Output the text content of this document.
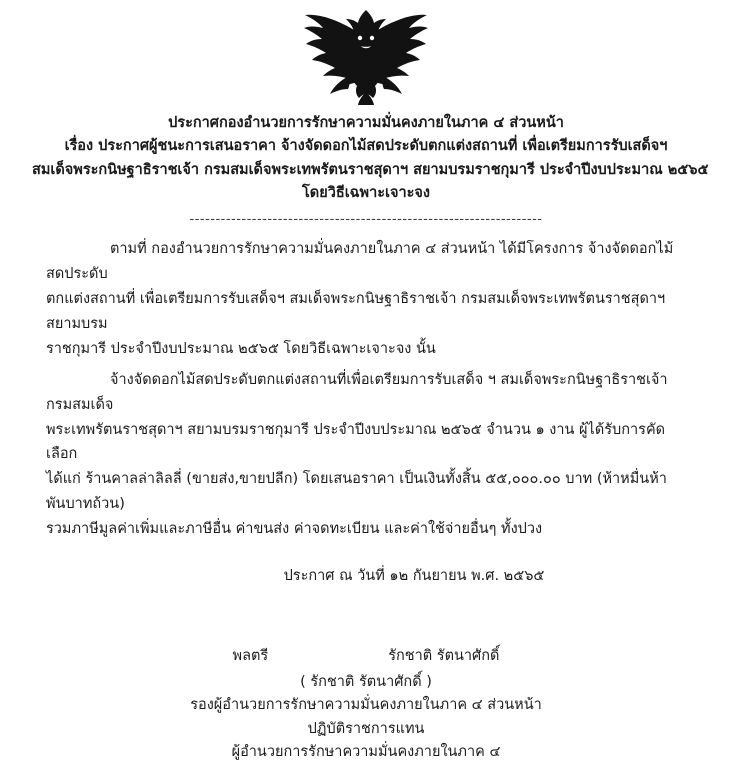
ประกาศกองอำนวยการรักษาความมั่นคงภายในภาค ๔ ส่วนหน้า
เรื่อง ประกาศผู้ชนะการเสนอราคา จ้างจัดดอกไม้สดประดับตกแต่งสถานที่ เพื่อเตรียมการรับเสด็จฯ
สมเด็จพระกนิษฐาธิราชเจ้า กรมสมเด็จพระเทพรัตนราชสุดาฯ สยามบรมราชกุมารี ประจำปีงบประมาณ ๒๕๖๕
โดยวิธีเฉพาะเจาะจง
--------------------------------------------------------------------
ตามที่ กองอำนวยการรักษาความมั่นคงภายในภาค ๔ ส่วนหน้า ได้มีโครงการ จ้างจัดดอกไม้สดประดับ
ตกแต่งสถานที่ เพื่อเตรียมการรับเสด็จฯ สมเด็จพระกนิษฐาธิราชเจ้า กรมสมเด็จพระเทพรัตนราชสุดาฯ สยามบรม
ราชกุมารี ประจำปีงบประมาณ ๒๕๖๕ โดยวิธีเฉพาะเจาะจง นั้น
จ้างจัดดอกไม้สดประดับตกแต่งสถานที่เพื่อเตรียมการรับเสด็จ ฯ สมเด็จพระกนิษฐาธิราชเจ้า กรมสมเด็จ
พระเทพรัตนราชสุดาฯ สยามบรมราชกุมารี ประจำปีงบประมาณ ๒๕๖๕ จำนวน ๑ งาน ผู้ได้รับการคัดเลือก
ได้แก่ ร้านคาลล่าลิลลี่ (ขายส่ง,ขายปลีก) โดยเสนอราคา เป็นเงินทั้งสิ้น ๕๕,๐๐๐.๐๐ บาท (ห้าหมื่นห้าพันบาทถ้วน)
รวมภาษีมูลค่าเพิ่มและภาษีอื่น ค่าขนส่ง ค่าจดทะเบียน และค่าใช้จ่ายอื่นๆ ทั้งปวง
ประกาศ ณ วันที่ ๑๒ กันยายน พ.ศ. ๒๕๖๕
พลตรี	รักชาติ รัตนาศักดิ์
( รักชาติ รัตนาศักดิ์ )
รองผู้อำนวยการรักษาความมั่นคงภายในภาค ๔ ส่วนหน้า
ปฏิบัติราชการแทน
ผู้อำนวยการรักษาความมั่นคงภายในภาค ๔
